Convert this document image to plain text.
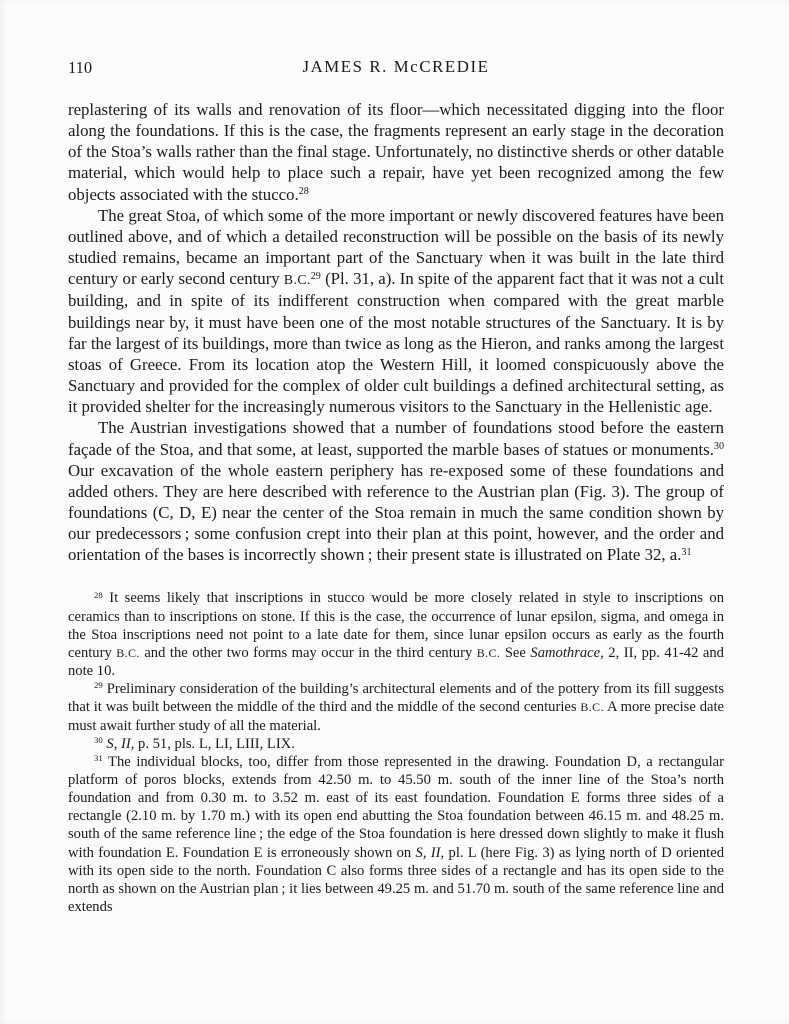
110	JAMES R. McCREDIE

replastering of its walls and renovation of its floor—which necessitated digging into the floor along the foundations. If this is the case, the fragments represent an early stage in the decoration of the Stoa’s walls rather than the final stage. Unfortunately, no distinctive sherds or other datable material, which would help to place such a repair, have yet been recognized among the few objects associated with the stucco.$^{28}$

The great Stoa, of which some of the more important or newly discovered features have been outlined above, and of which a detailed reconstruction will be possible on the basis of its newly studied remains, became an important part of the Sanctuary when it was built in the late third century or early second century B.C.$^{29}$ (Pl. 31, a). In spite of the apparent fact that it was not a cult building, and in spite of its indifferent construction when compared with the great marble buildings near by, it must have been one of the most notable structures of the Sanctuary. It is by far the largest of its buildings, more than twice as long as the Hieron, and ranks among the largest stoas of Greece. From its location atop the Western Hill, it loomed conspicuously above the Sanctuary and provided for the complex of older cult buildings a defined architectural setting, as it provided shelter for the increasingly numerous visitors to the Sanctuary in the Hellenistic age.

The Austrian investigations showed that a number of foundations stood before the eastern façade of the Stoa, and that some, at least, supported the marble bases of statues or monuments.$^{30}$ Our excavation of the whole eastern periphery has re-exposed some of these foundations and added others. They are here described with reference to the Austrian plan (Fig. 3). The group of foundations (C, D, E) near the center of the Stoa remain in much the same condition shown by our predecessors ; some confusion crept into their plan at this point, however, and the order and orientation of the bases is incorrectly shown ; their present state is illustrated on Plate 32, a.$^{31}$

$^{28}$ It seems likely that inscriptions in stucco would be more closely related in style to inscriptions on ceramics than to inscriptions on stone. If this is the case, the occurrence of lunar epsilon, sigma, and omega in the Stoa inscriptions need not point to a late date for them, since lunar epsilon occurs as early as the fourth century B.C. and the other two forms may occur in the third century B.C. See Samothrace, 2, II, pp. 41-42 and note 10.

$^{29}$ Preliminary consideration of the building’s architectural elements and of the pottery from its fill suggests that it was built between the middle of the third and the middle of the second centuries B.C. A more precise date must await further study of all the material.

$^{30}$ S, II, p. 51, pls. L, LI, LIII, LIX.

$^{31}$ The individual blocks, too, differ from those represented in the drawing. Foundation D, a rectangular platform of poros blocks, extends from 42.50 m. to 45.50 m. south of the inner line of the Stoa’s north foundation and from 0.30 m. to 3.52 m. east of its east foundation. Foundation E forms three sides of a rectangle (2.10 m. by 1.70 m.) with its open end abutting the Stoa foundation between 46.15 m. and 48.25 m. south of the same reference line ; the edge of the Stoa foundation is here dressed down slightly to make it flush with foundation E. Foundation E is erroneously shown on S, II, pl. L (here Fig. 3) as lying north of D oriented with its open side to the north. Foundation C also forms three sides of a rectangle and has its open side to the north as shown on the Austrian plan ; it lies between 49.25 m. and 51.70 m. south of the same reference line and extends
